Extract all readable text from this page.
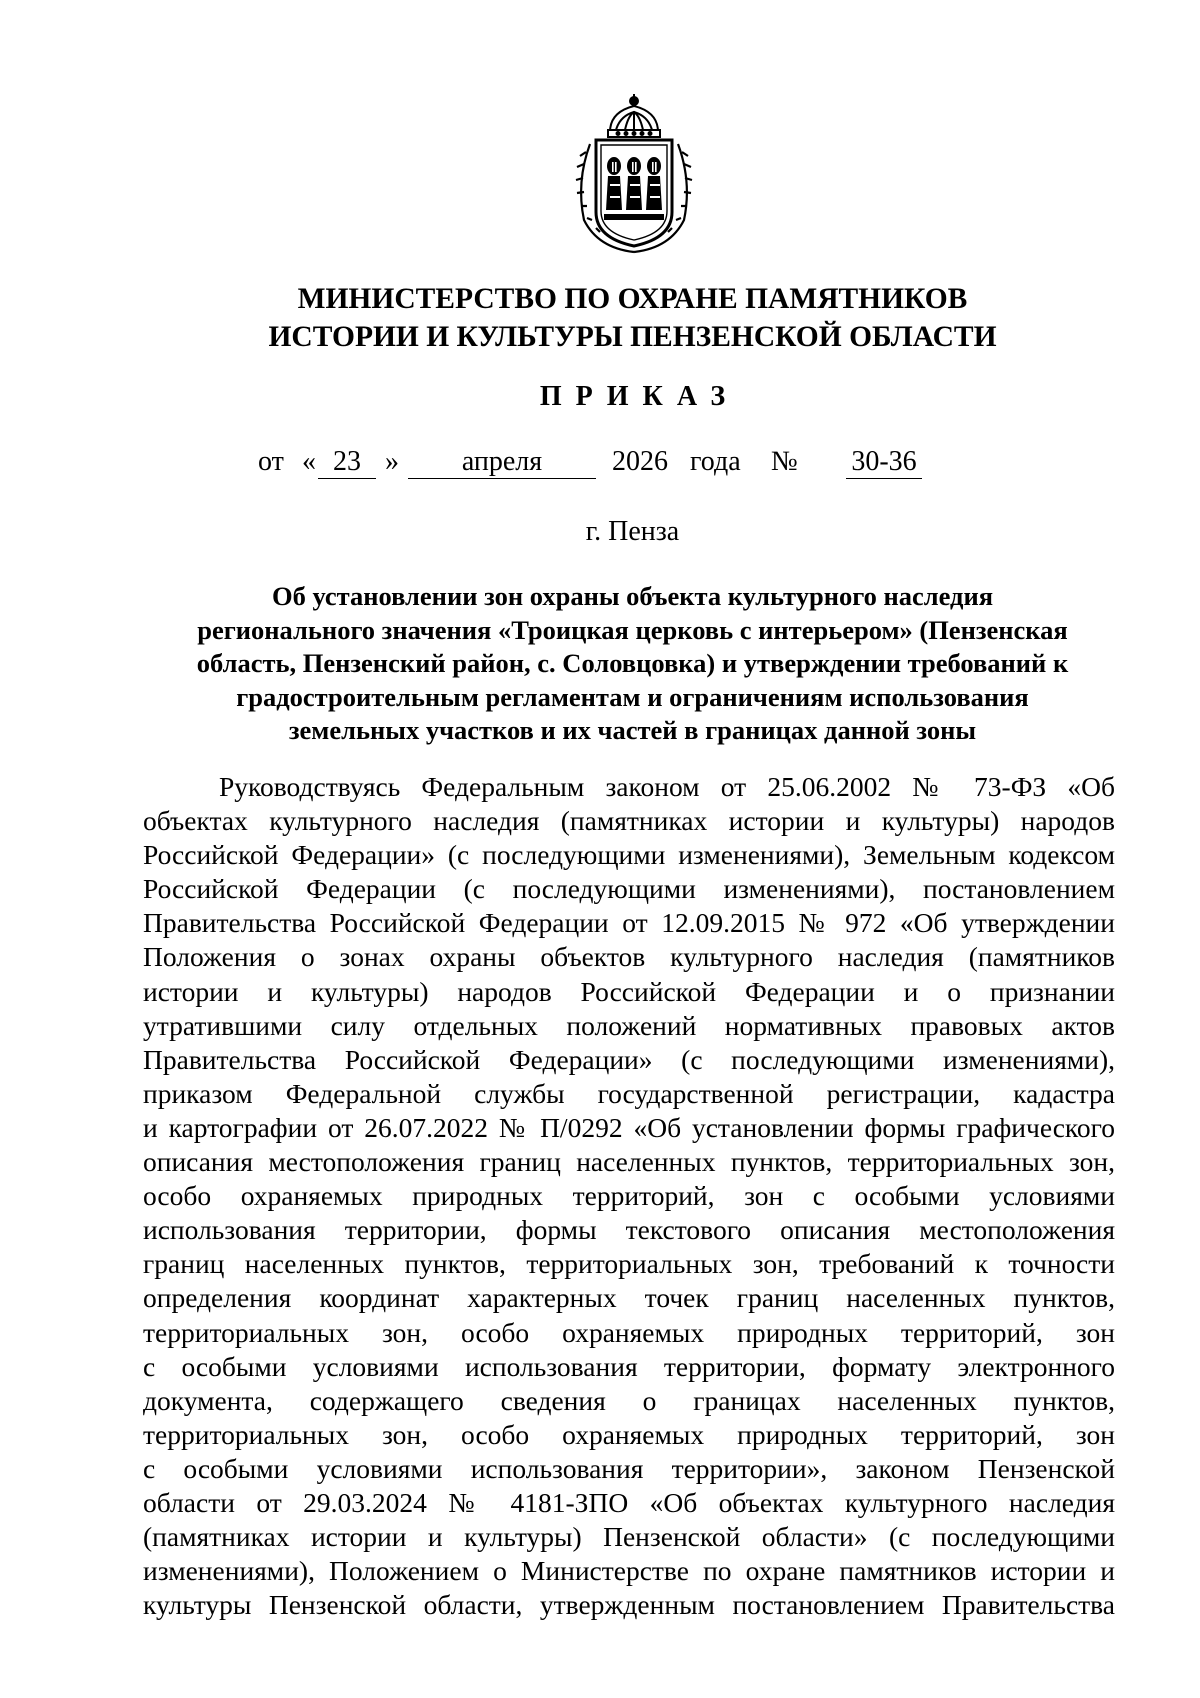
МИНИСТЕРСТВО ПО ОХРАНЕ ПАМЯТНИКОВ
ИСТОРИИ И КУЛЬТУРЫ ПЕНЗЕНСКОЙ ОБЛАСТИ
ПРИКАЗ
от « 23 »	апреля	2026 года № 30-36
г. Пенза
Об установлении зон охраны объекта культурного наследия
регионального значения «Троицкая церковь с интерьером» (Пензенская
область, Пензенский район, с. Соловцовка) и утверждении требований к
градостроительным регламентам и ограничениям использования
земельных участков и их частей в границах данной зоны
Руководствуясь Федеральным законом от 25.06.2002 № 73-ФЗ «Об
объектах культурного наследия (памятниках истории и культуры) народов
Российской Федерации» (с последующими изменениями), Земельным кодексом
Российской Федерации (с последующими изменениями), постановлением
Правительства Российской Федерации от 12.09.2015 № 972 «Об утверждении
Положения о зонах охраны объектов культурного наследия (памятников
истории и культуры) народов Российской Федерации и о признании
утратившими силу отдельных положений нормативных правовых актов
Правительства Российской Федерации» (с последующими изменениями),
приказом Федеральной службы государственной регистрации, кадастра
и картографии от 26.07.2022 № П/0292 «Об установлении формы графического
описания местоположения границ населенных пунктов, территориальных зон,
особо охраняемых природных территорий, зон с особыми условиями
использования территории, формы текстового описания местоположения
границ населенных пунктов, территориальных зон, требований к точности
определения координат характерных точек границ населенных пунктов,
территориальных зон, особо охраняемых природных территорий, зон
с особыми условиями использования территории, формату электронного
документа, содержащего сведения о границах населенных пунктов,
территориальных зон, особо охраняемых природных территорий, зон
с особыми условиями использования территории», законом Пензенской
области от 29.03.2024 № 4181-ЗПО «Об объектах культурного наследия
(памятниках истории и культуры) Пензенской области» (с последующими
изменениями), Положением о Министерстве по охране памятников истории и
культуры Пензенской области, утвержденным постановлением Правительства
